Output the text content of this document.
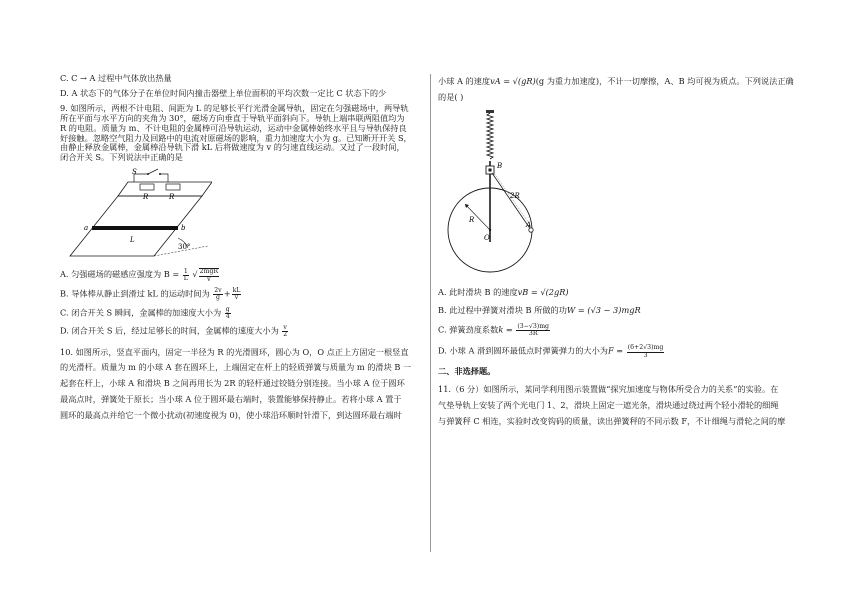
C. C → A 过程中气体放出热量

D. A 状态下的气体分子在单位时间内撞击器壁上单位面积的平均次数一定比 C 状态下的少

9. 如图所示，两根不计电阻、间距为 L 的足够长平行光滑金属导轨，固定在匀强磁场中，两导轨
所在平面与水平方向的夹角为 30°，磁场方向垂直于导轨平面斜向下。导轨上端串联两阻值均为
R 的电阻。质量为 m、不计电阻的金属棒可沿导轨运动，运动中金属棒始终水平且与导轨保持良
好接触。忽略空气阻力及回路中的电流对原磁场的影响，重力加速度大小为 g。已知断开开关 S，
由静止释放金属棒，金属棒沿导轨下滑 kL 后将做速度为 v 的匀速直线运动。又过了一段时间，
闭合开关 S。下列说法中正确的是

R	R
S
a	b
L
30°

A. 匀强磁场的磁感应强度为 $B = \frac{1}{L}$ √ $\frac{\text{2mgR}}{v}$

B. 导体棒从静止到滑过 kL 的运动时间为 $\frac{2v}{g} + \frac{kL}{v}$

C. 闭合开关 S 瞬间，金属棒的加速度大小为 $\frac{g}{4}$

D. 闭合开关 S 后，经过足够长的时间，金属棒的速度大小为 $\frac{v}{2}$

10. 如图所示，竖直平面内，固定一半径为 R 的光滑圆环，圆心为 O，O 点正上方固定一根竖直
的光滑杆。质量为 m 的小球 A 套在圆环上，上端固定在杆上的轻质弹簧与质量为 m 的滑块 B 一
起套在杆上，小球 A 和滑块 B 之间再用长为 2R 的轻杆通过铰链分别连接。当小球 A 位于圆环
最高点时，弹簧处于原长；当小球 A 位于圆环最右端时，装置能够保持静止。若将小球 A 置于
圆环的最高点并给它一个微小扰动(初速度视为 0)，使小球沿环顺时针滑下，到达圆环最右端时

小球 A 的速度vA = √(gR)(g 为重力加速度)，不计一切摩擦，A、B 均可视为质点。下列说法正确
的是( )

B
2R
R
O
A

A. 此时滑块 B 的速度vB = √(2gR)

B. 此过程中弹簧对滑块 B 所做的功W = (√3 − 3)mgR

C. 弹簧劲度系数$k = \frac{(3-√3)mg}{3R}$

D. 小球 A 滑到圆环最低点时弹簧弹力的大小为$F = \frac{(6+2√3)mg}{3}$

二、非选择题。

11.（6 分）如图所示，某同学利用图示装置做“探究加速度与物体所受合力的关系”的实验。在
气垫导轨上安装了两个光电门 1、2，滑块上固定一遮光条，滑块通过绕过两个轻小滑轮的细绳
与弹簧秤 C 相连，实验时改变钩码的质量，读出弹簧秤的不同示数 F，不计细绳与滑轮之间的摩
